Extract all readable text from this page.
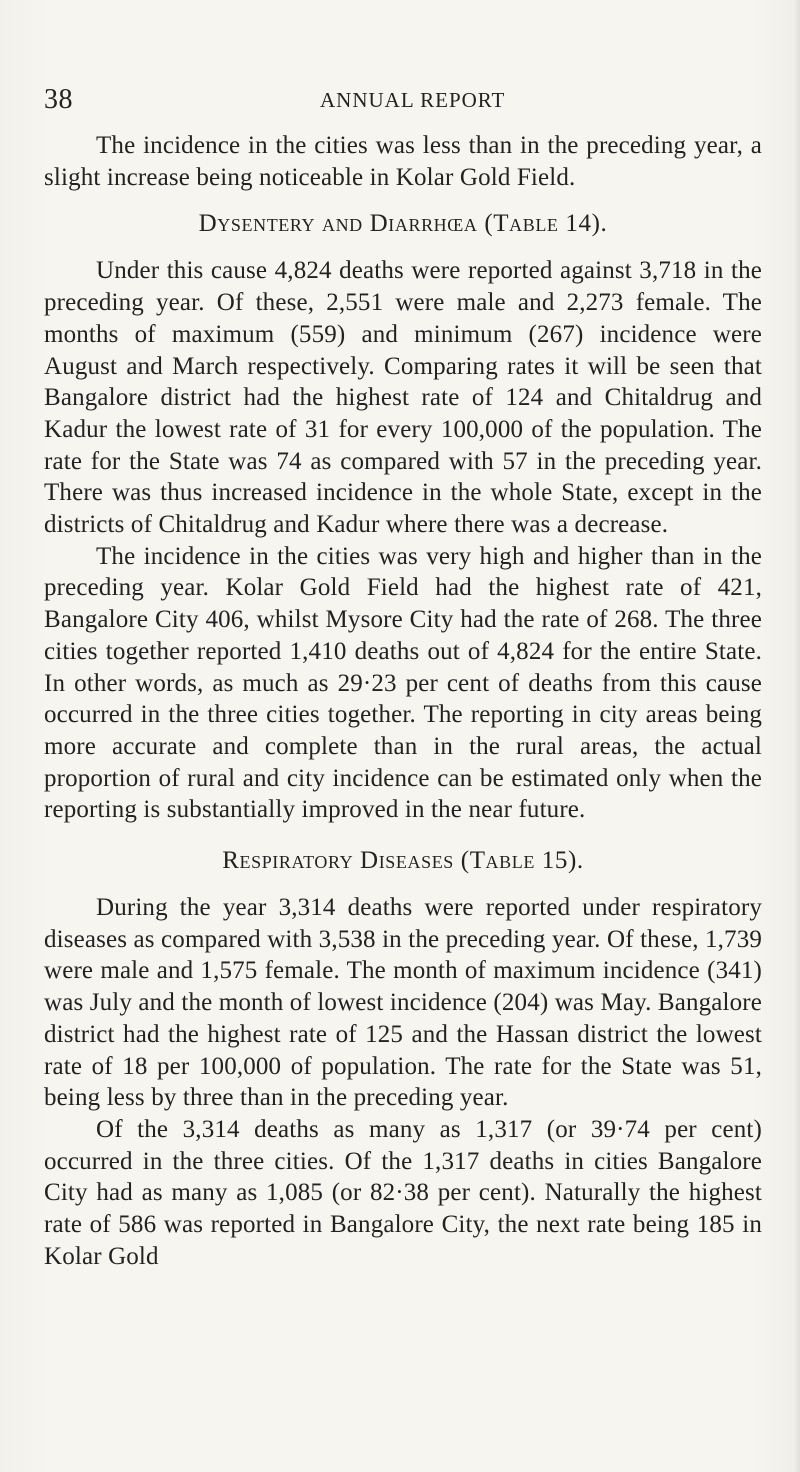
38	ANNUAL REPORT

The incidence in the cities was less than in the preceding year, a slight increase being noticeable in Kolar Gold Field.

Dysentery and Diarrhœa (Table 14).

Under this cause 4,824 deaths were reported against 3,718 in the preceding year. Of these, 2,551 were male and 2,273 female. The months of maximum (559) and minimum (267) incidence were August and March respectively. Comparing rates it will be seen that Bangalore district had the highest rate of 124 and Chitaldrug and Kadur the lowest rate of 31 for every 100,000 of the population. The rate for the State was 74 as compared with 57 in the preceding year. There was thus increased incidence in the whole State, except in the districts of Chitaldrug and Kadur where there was a decrease.

The incidence in the cities was very high and higher than in the preceding year. Kolar Gold Field had the highest rate of 421, Bangalore City 406, whilst Mysore City had the rate of 268. The three cities together reported 1,410 deaths out of 4,824 for the entire State. In other words, as much as 29·23 per cent of deaths from this cause occurred in the three cities together. The reporting in city areas being more accurate and complete than in the rural areas, the actual proportion of rural and city incidence can be estimated only when the reporting is substantially improved in the near future.

Respiratory Diseases (Table 15).

During the year 3,314 deaths were reported under respiratory diseases as compared with 3,538 in the preceding year. Of these, 1,739 were male and 1,575 female. The month of maximum incidence (341) was July and the month of lowest incidence (204) was May. Bangalore district had the highest rate of 125 and the Hassan district the lowest rate of 18 per 100,000 of population. The rate for the State was 51, being less by three than in the preceding year.

Of the 3,314 deaths as many as 1,317 (or 39·74 per cent) occurred in the three cities. Of the 1,317 deaths in cities Bangalore City had as many as 1,085 (or 82·38 per cent). Naturally the highest rate of 586 was reported in Bangalore City, the next rate being 185 in Kolar Gold
